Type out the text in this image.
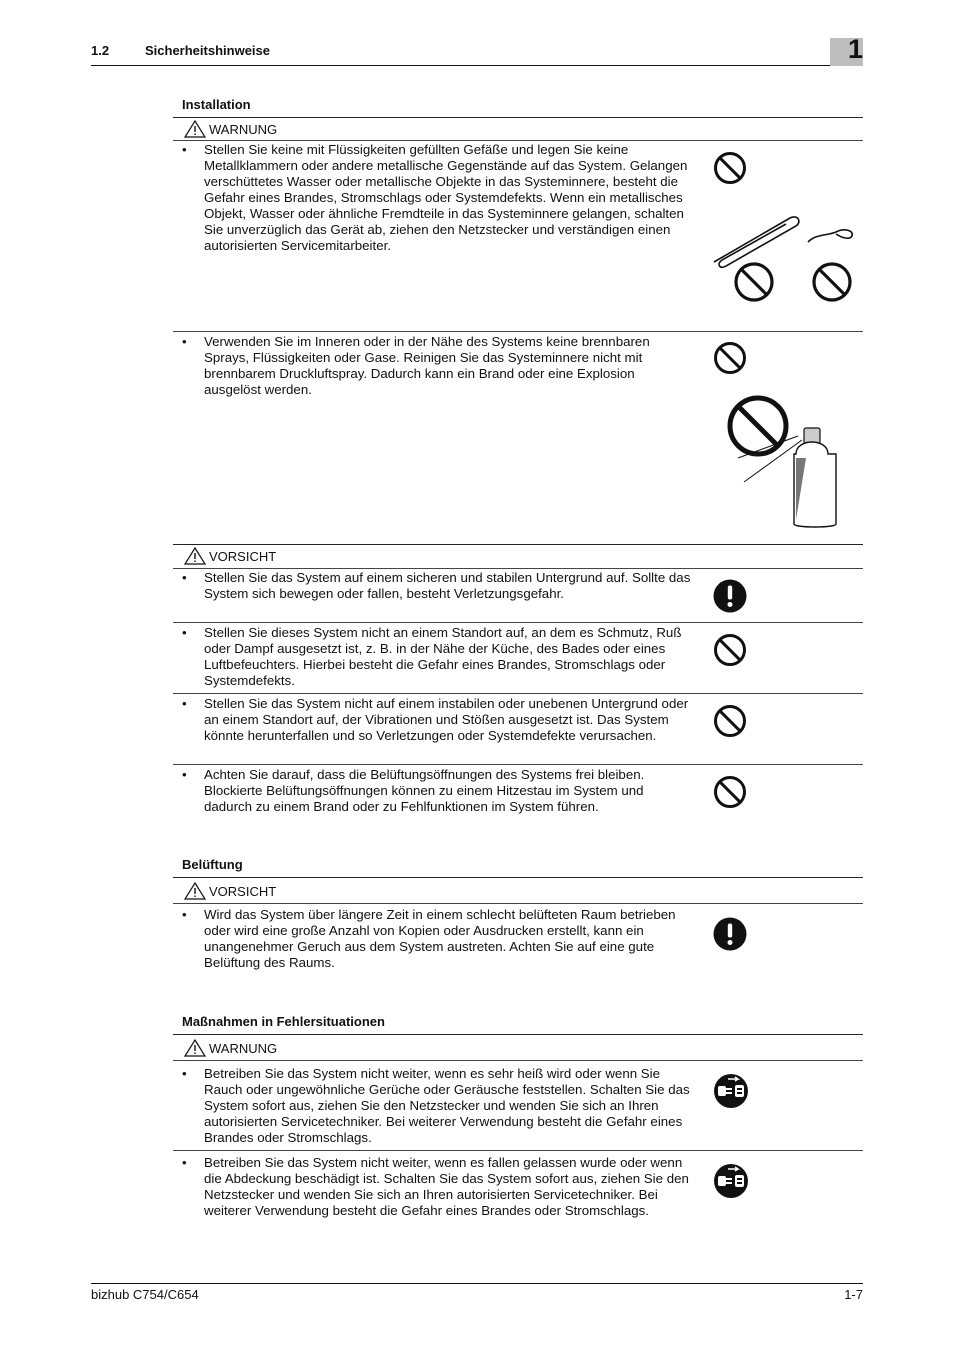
1.2	Sicherheitshinweise	1
Installation
WARNUNG
•	Stellen Sie keine mit Flüssigkeiten gefüllten Gefäße und legen Sie keine Metallklammern oder andere metallische Gegenstände auf das System. Gelangen verschüttetes Wasser oder metallische Objekte in das Systeminnere, besteht die Gefahr eines Brandes, Stromschlags oder Systemdefekts. Wenn ein metallisches Objekt, Wasser oder ähnliche Fremdteile in das Systeminnere gelangen, schalten Sie unverzüglich das Gerät ab, ziehen den Netzstecker und verständigen einen autorisierten Servicemitarbeiter.
•	Verwenden Sie im Inneren oder in der Nähe des Systems keine brennbaren Sprays, Flüssigkeiten oder Gase. Reinigen Sie das Systeminnere nicht mit brennbarem Druckluftspray. Dadurch kann ein Brand oder eine Explosion ausgelöst werden.
VORSICHT
•	Stellen Sie das System auf einem sicheren und stabilen Untergrund auf. Sollte das System sich bewegen oder fallen, besteht Verletzungsgefahr.
•	Stellen Sie dieses System nicht an einem Standort auf, an dem es Schmutz, Ruß oder Dampf ausgesetzt ist, z. B. in der Nähe der Küche, des Bades oder eines Luftbefeuchters. Hierbei besteht die Gefahr eines Brandes, Stromschlags oder Systemdefekts.
•	Stellen Sie das System nicht auf einem instabilen oder unebenen Untergrund oder an einem Standort auf, der Vibrationen und Stößen ausgesetzt ist. Das System könnte herunterfallen und so Verletzungen oder Systemdefekte verursachen.
•	Achten Sie darauf, dass die Belüftungsöffnungen des Systems frei bleiben. Blockierte Belüftungsöffnungen können zu einem Hitzestau im System und dadurch zu einem Brand oder zu Fehlfunktionen im System führen.
Belüftung
VORSICHT
•	Wird das System über längere Zeit in einem schlecht belüfteten Raum betrieben oder wird eine große Anzahl von Kopien oder Ausdrucken erstellt, kann ein unangenehmer Geruch aus dem System austreten. Achten Sie auf eine gute Belüftung des Raums.
Maßnahmen in Fehlersituationen
WARNUNG
•	Betreiben Sie das System nicht weiter, wenn es sehr heiß wird oder wenn Sie Rauch oder ungewöhnliche Gerüche oder Geräusche feststellen. Schalten Sie das System sofort aus, ziehen Sie den Netzstecker und wenden Sie sich an Ihren autorisierten Servicetechniker. Bei weiterer Verwendung besteht die Gefahr eines Brandes oder Stromschlags.
•	Betreiben Sie das System nicht weiter, wenn es fallen gelassen wurde oder wenn die Abdeckung beschädigt ist. Schalten Sie das System sofort aus, ziehen Sie den Netzstecker und wenden Sie sich an Ihren autorisierten Servicetechniker. Bei weiterer Verwendung besteht die Gefahr eines Brandes oder Stromschlags.
bizhub C754/C654	1-7
